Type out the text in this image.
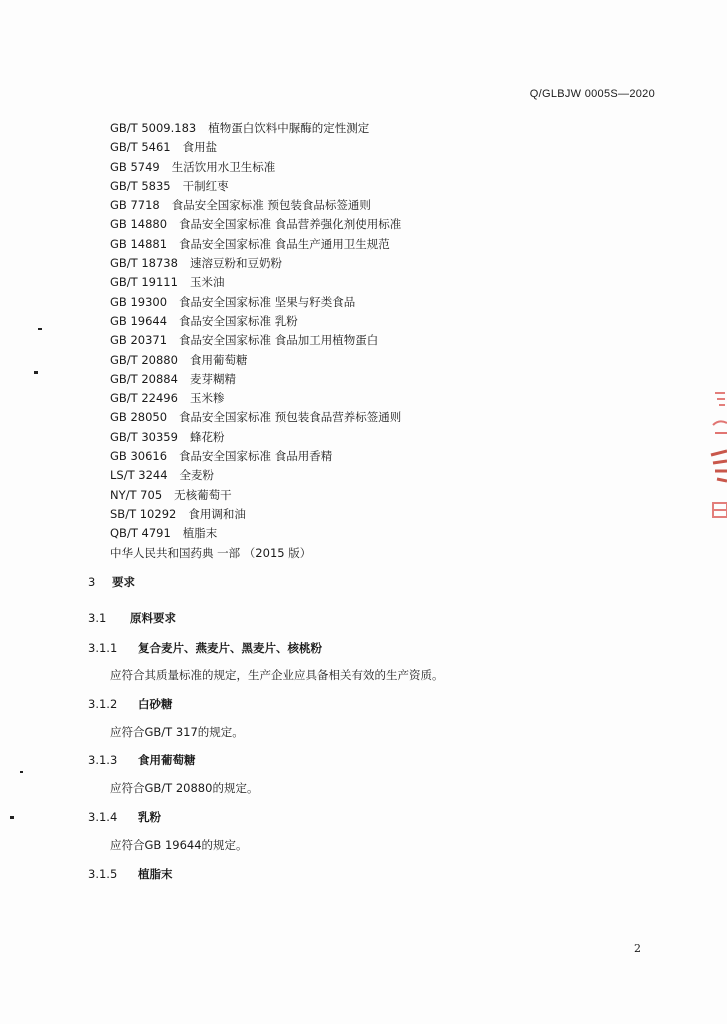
Q/GLBJW 0005S—2020
GB/T 5009.183 植物蛋白饮料中脲酶的定性测定
GB/T 5461 食用盐
GB 5749 生活饮用水卫生标准
GB/T 5835 干制红枣
GB 7718 食品安全国家标准 预包装食品标签通则
GB 14880 食品安全国家标准 食品营养强化剂使用标准
GB 14881 食品安全国家标准 食品生产通用卫生规范
GB/T 18738 速溶豆粉和豆奶粉
GB/T 19111 玉米油
GB 19300 食品安全国家标准 坚果与籽类食品
GB 19644 食品安全国家标准 乳粉
GB 20371 食品安全国家标准 食品加工用植物蛋白
GB/T 20880 食用葡萄糖
GB/T 20884 麦芽糊精
GB/T 22496 玉米糁
GB 28050 食品安全国家标准 预包装食品营养标签通则
GB/T 30359 蜂花粉
GB 30616 食品安全国家标准 食品用香精
LS/T 3244 全麦粉
NY/T 705 无核葡萄干
SB/T 10292 食用调和油
QB/T 4791 植脂末
中华人民共和国药典 一部 （2015 版）
3 要求
3.1 原料要求
3.1.1 复合麦片、燕麦片、黑麦片、核桃粉
应符合其质量标准的规定，生产企业应具备相关有效的生产资质。
3.1.2 白砂糖
应符合GB/T 317的规定。
3.1.3 食用葡萄糖
应符合GB/T 20880的规定。
3.1.4 乳粉
应符合GB 19644的规定。
3.1.5 植脂末
2
